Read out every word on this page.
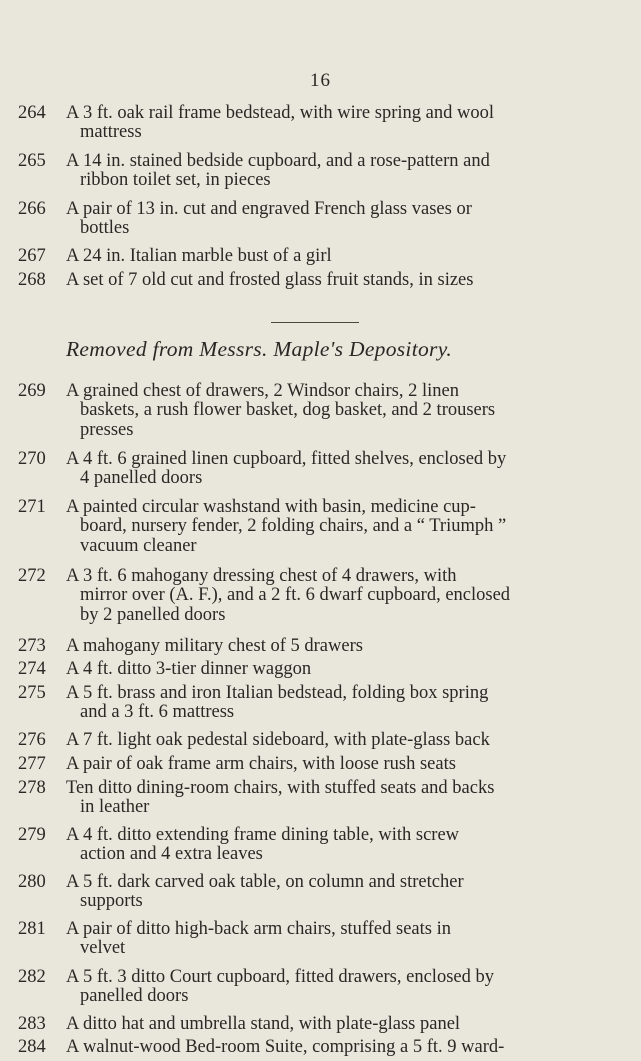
16
264	A 3 ft. oak rail frame bedstead, with wire spring and wool
mattress
265	A 14 in. stained bedside cupboard, and a rose-pattern and
ribbon toilet set, in pieces
266	A pair of 13 in. cut and engraved French glass vases or
bottles
267	A 24 in. Italian marble bust of a girl
268	A set of 7 old cut and frosted glass fruit stands, in sizes
Removed from Messrs. Maple's Depository.
269	A grained chest of drawers, 2 Windsor chairs, 2 linen
baskets, a rush flower basket, dog basket, and 2 trousers
presses
270	A 4 ft. 6 grained linen cupboard, fitted shelves, enclosed by
4 panelled doors
271	A painted circular washstand with basin, medicine cup-
board, nursery fender, 2 folding chairs, and a “ Triumph ”
vacuum cleaner
272	A 3 ft. 6 mahogany dressing chest of 4 drawers, with
mirror over (A. F.), and a 2 ft. 6 dwarf cupboard, enclosed
by 2 panelled doors
273	A mahogany military chest of 5 drawers
274	A 4 ft. ditto 3-tier dinner waggon
275	A 5 ft. brass and iron Italian bedstead, folding box spring
and a 3 ft. 6 mattress
276	A 7 ft. light oak pedestal sideboard, with plate-glass back
277	A pair of oak frame arm chairs, with loose rush seats
278	Ten ditto dining-room chairs, with stuffed seats and backs
in leather
279	A 4 ft. ditto extending frame dining table, with screw
action and 4 extra leaves
280	A 5 ft. dark carved oak table, on column and stretcher
supports
281	A pair of ditto high-back arm chairs, stuffed seats in
velvet
282	A 5 ft. 3 ditto Court cupboard, fitted drawers, enclosed by
panelled doors
283	A ditto hat and umbrella stand, with plate-glass panel
284	A walnut-wood Bed-room Suite, comprising a 5 ft. 9 ward-
